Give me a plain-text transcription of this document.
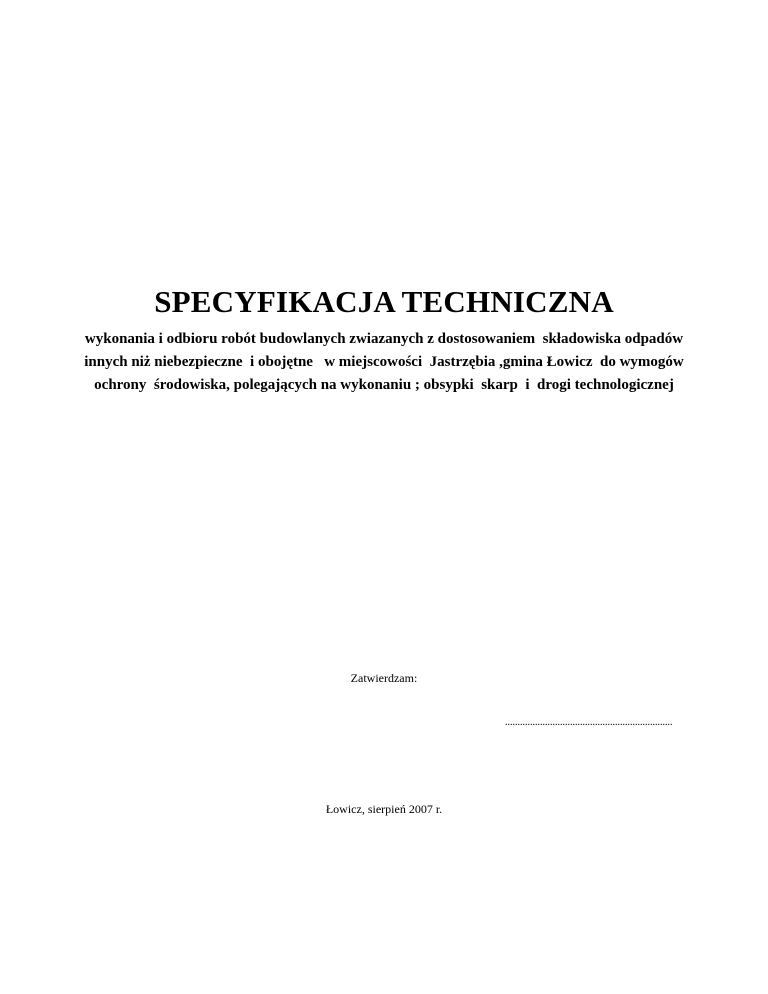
SPECYFIKACJA TECHNICZNA
wykonania i odbioru robót budowlanych zwiazanych z dostosowaniem  składowiska odpadów
innych niż niebezpieczne  i obojętne   w miejscowości  Jastrzębia ,gmina Łowicz  do wymogów
ochrony  środowiska, polegających na wykonaniu ; obsypki  skarp  i  drogi technologicznej
Zatwierdzam:
...................................................................
Łowicz, sierpień 2007 r.
